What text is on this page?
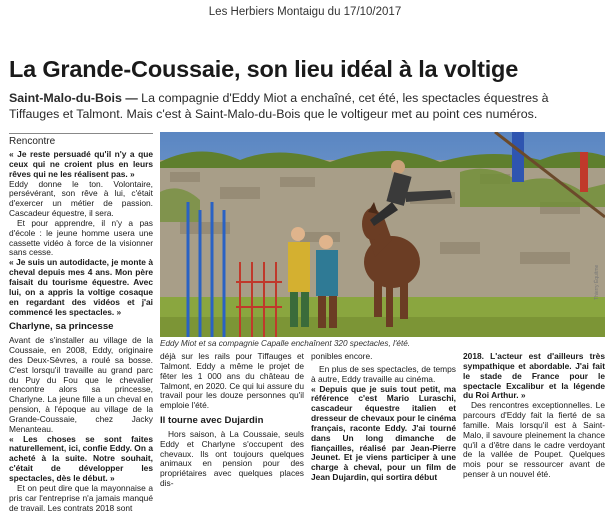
Les Herbiers Montaigu du 17/10/2017
La Grande-Coussaie, son lieu idéal à la voltige
Saint-Malo-du-Bois — La compagnie d'Eddy Miot a enchaîné, cet été, les spectacles équestres à Tiffauges et Talmont. Mais c'est à Saint-Malo-du-Bois que le voltigeur met au point ces numéros.
Rencontre

« Je reste persuadé qu'il n'y a que ceux qui ne croient plus en leurs rêves qui ne les réalisent pas. »

Eddy donne le ton. Volontaire, persévérant, son rêve à lui, c'était d'exercer un métier de passion. Cascadeur équestre, il sera.

Et pour apprendre, il n'y a pas d'école : le jeune homme usera une cassette vidéo à force de la visionner sans cesse.

« Je suis un autodidacte, je monte à cheval depuis mes 4 ans. Mon père faisait du tourisme équestre. Avec lui, on a appris la voltige cosaque en regardant des vidéos et j'ai commencé les spectacles. »

Charlyne, sa princesse

Avant de s'installer au village de la Coussaie, en 2008, Eddy, originaire des Deux-Sèvres, a roulé sa bosse. C'est lorsqu'il travaille au grand parc du Puy du Fou que le chevalier rencontre alors sa princesse, Charlyne. La jeune fille a un cheval en pension, à l'époque au village de la Grande-Coussaie, chez Jacky Menanteau.

« Les choses se sont faites naturellement, ici, confie Eddy. On a acheté à la suite. Notre souhait, c'était de développer les spectacles, dès le début. »

Et on peut dire que la mayonnaise a pris car l'entreprise n'a jamais manqué de travail. Les contrats 2018 sont

Thierry Équitme
Eddy Miot et sa compagnie Capalle enchaînent 320 spectacles, l'été.

déjà sur les rails pour Tiffauges et Talmont. Eddy a même le projet de fêter les 1 000 ans du château de Talmont, en 2020. Ce qui lui assure du travail pour les douze personnes qu'il emploie l'été.

Il tourne avec Dujardin

Hors saison, à La Coussaie, seuls Eddy et Charlyne s'occupent des chevaux. Ils ont toujours quelques animaux en pension pour des propriétaires avec quelques places dis-

ponibles encore.

En plus de ses spectacles, de temps à autre, Eddy travaille au cinéma.

« Depuis que je suis tout petit, ma référence c'est Mario Luraschi, cascadeur équestre italien et dresseur de chevaux pour le cinéma français, raconte Eddy. J'ai tourné dans Un long dimanche de fiançailles, réalisé par Jean-Pierre Jeunet. Et je viens participer à une charge à cheval, pour un film de Jean Dujardin, qui sortira début

2018. L'acteur est d'ailleurs très sympathique et abordable. J'ai fait le stade de France pour le spectacle Excalibur et la légende du Roi Arthur. »

Des rencontres exceptionnelles. Le parcours d'Eddy fait la fierté de sa famille. Mais lorsqu'il est à Saint-Malo, il savoure pleinement la chance qu'il a d'être dans le cadre verdoyant de la vallée de Poupet. Quelques mois pour se ressourcer avant de penser à un nouvel été.
